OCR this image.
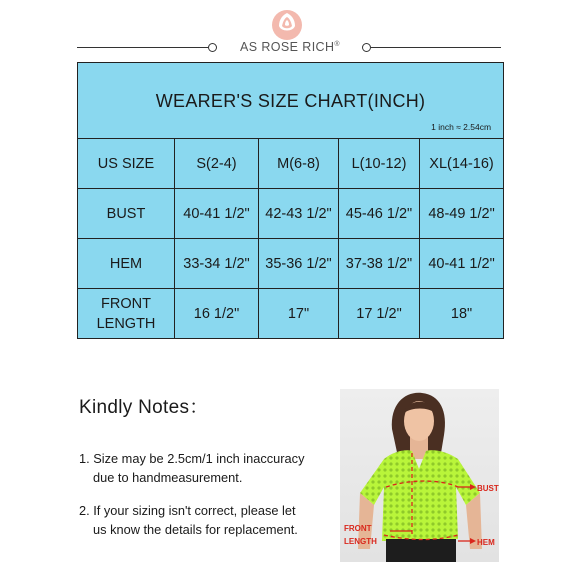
AS ROSE RICH®
WEARER'S SIZE CHART(INCH)
1 inch ≈ 2.54cm				

US SIZE	S(2-4)	M(6-8)	L(10-12)	XL(14-16)
BUST	40-41 1/2"	42-43 1/2"	45-46 1/2"	48-49 1/2"
HEM	33-34 1/2"	35-36 1/2"	37-38 1/2"	40-41 1/2"
FRONT
LENGTH	16 1/2"	17"	17 1/2"	18"
Kindly Notes：
1. Size may be 2.5cm/1 inch inaccuracy
due to handmeasurement.
2. If your sizing isn't correct, please let
us know the details for replacement.
BUST
HEM
FRONT
LENGTH
